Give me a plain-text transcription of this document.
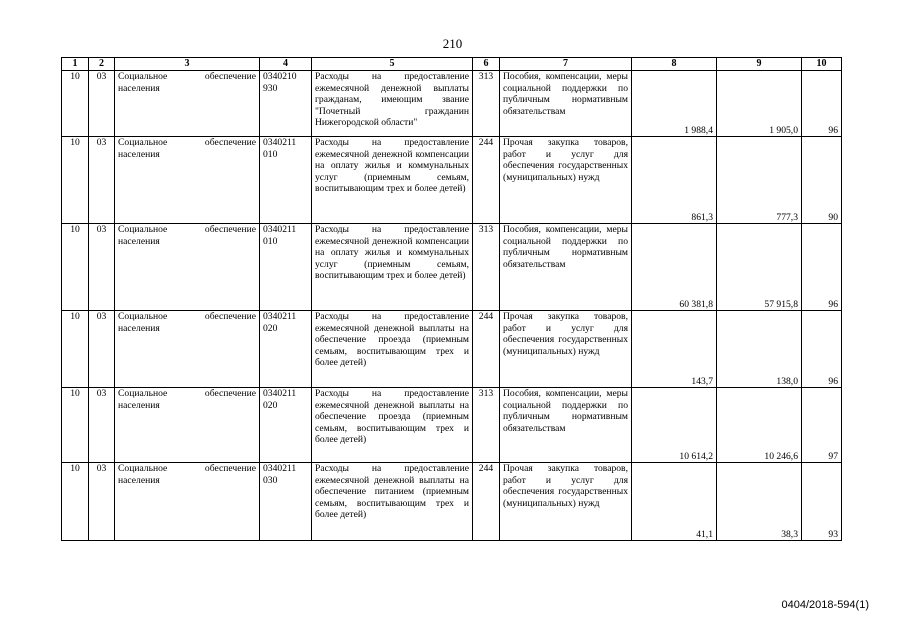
210
1	2	3	4	5	6	7	8	9	10
10	03	Социальное обеспечение населения	0340210 930	Расходы на предоставление ежемесячной денежной выплаты гражданам, имеющим звание "Почетный гражданин Нижегородской области"	313	Пособия, компенсации, меры социальной поддержки по публичным нормативным обязательствам	1 988,4	1 905,0	96
10	03	Социальное обеспечение населения	0340211 010	Расходы на предоставление ежемесячной денежной компенсации на оплату жилья и коммунальных услуг (приемным семьям, воспитывающим трех и более детей)	244	Прочая закупка товаров, работ и услуг для обеспечения государственных (муниципальных) нужд	861,3	777,3	90
10	03	Социальное обеспечение населения	0340211 010	Расходы на предоставление ежемесячной денежной компенсации на оплату жилья и коммунальных услуг (приемным семьям, воспитывающим трех и более детей)	313	Пособия, компенсации, меры социальной поддержки по публичным нормативным обязательствам	60 381,8	57 915,8	96
10	03	Социальное обеспечение населения	0340211 020	Расходы на предоставление ежемесячной денежной выплаты на обеспечение проезда (приемным семьям, воспитывающим трех и более детей)	244	Прочая закупка товаров, работ и услуг для обеспечения государственных (муниципальных) нужд	143,7	138,0	96
10	03	Социальное обеспечение населения	0340211 020	Расходы на предоставление ежемесячной денежной выплаты на обеспечение проезда (приемным семьям, воспитывающим трех и более детей)	313	Пособия, компенсации, меры социальной поддержки по публичным нормативным обязательствам	10 614,2	10 246,6	97
10	03	Социальное обеспечение населения	0340211 030	Расходы на предоставление ежемесячной денежной выплаты на обеспечение питанием (приемным семьям, воспитывающим трех и более детей)	244	Прочая закупка товаров, работ и услуг для обеспечения государственных (муниципальных) нужд	41,1	38,3	93
0404/2018-594(1)
